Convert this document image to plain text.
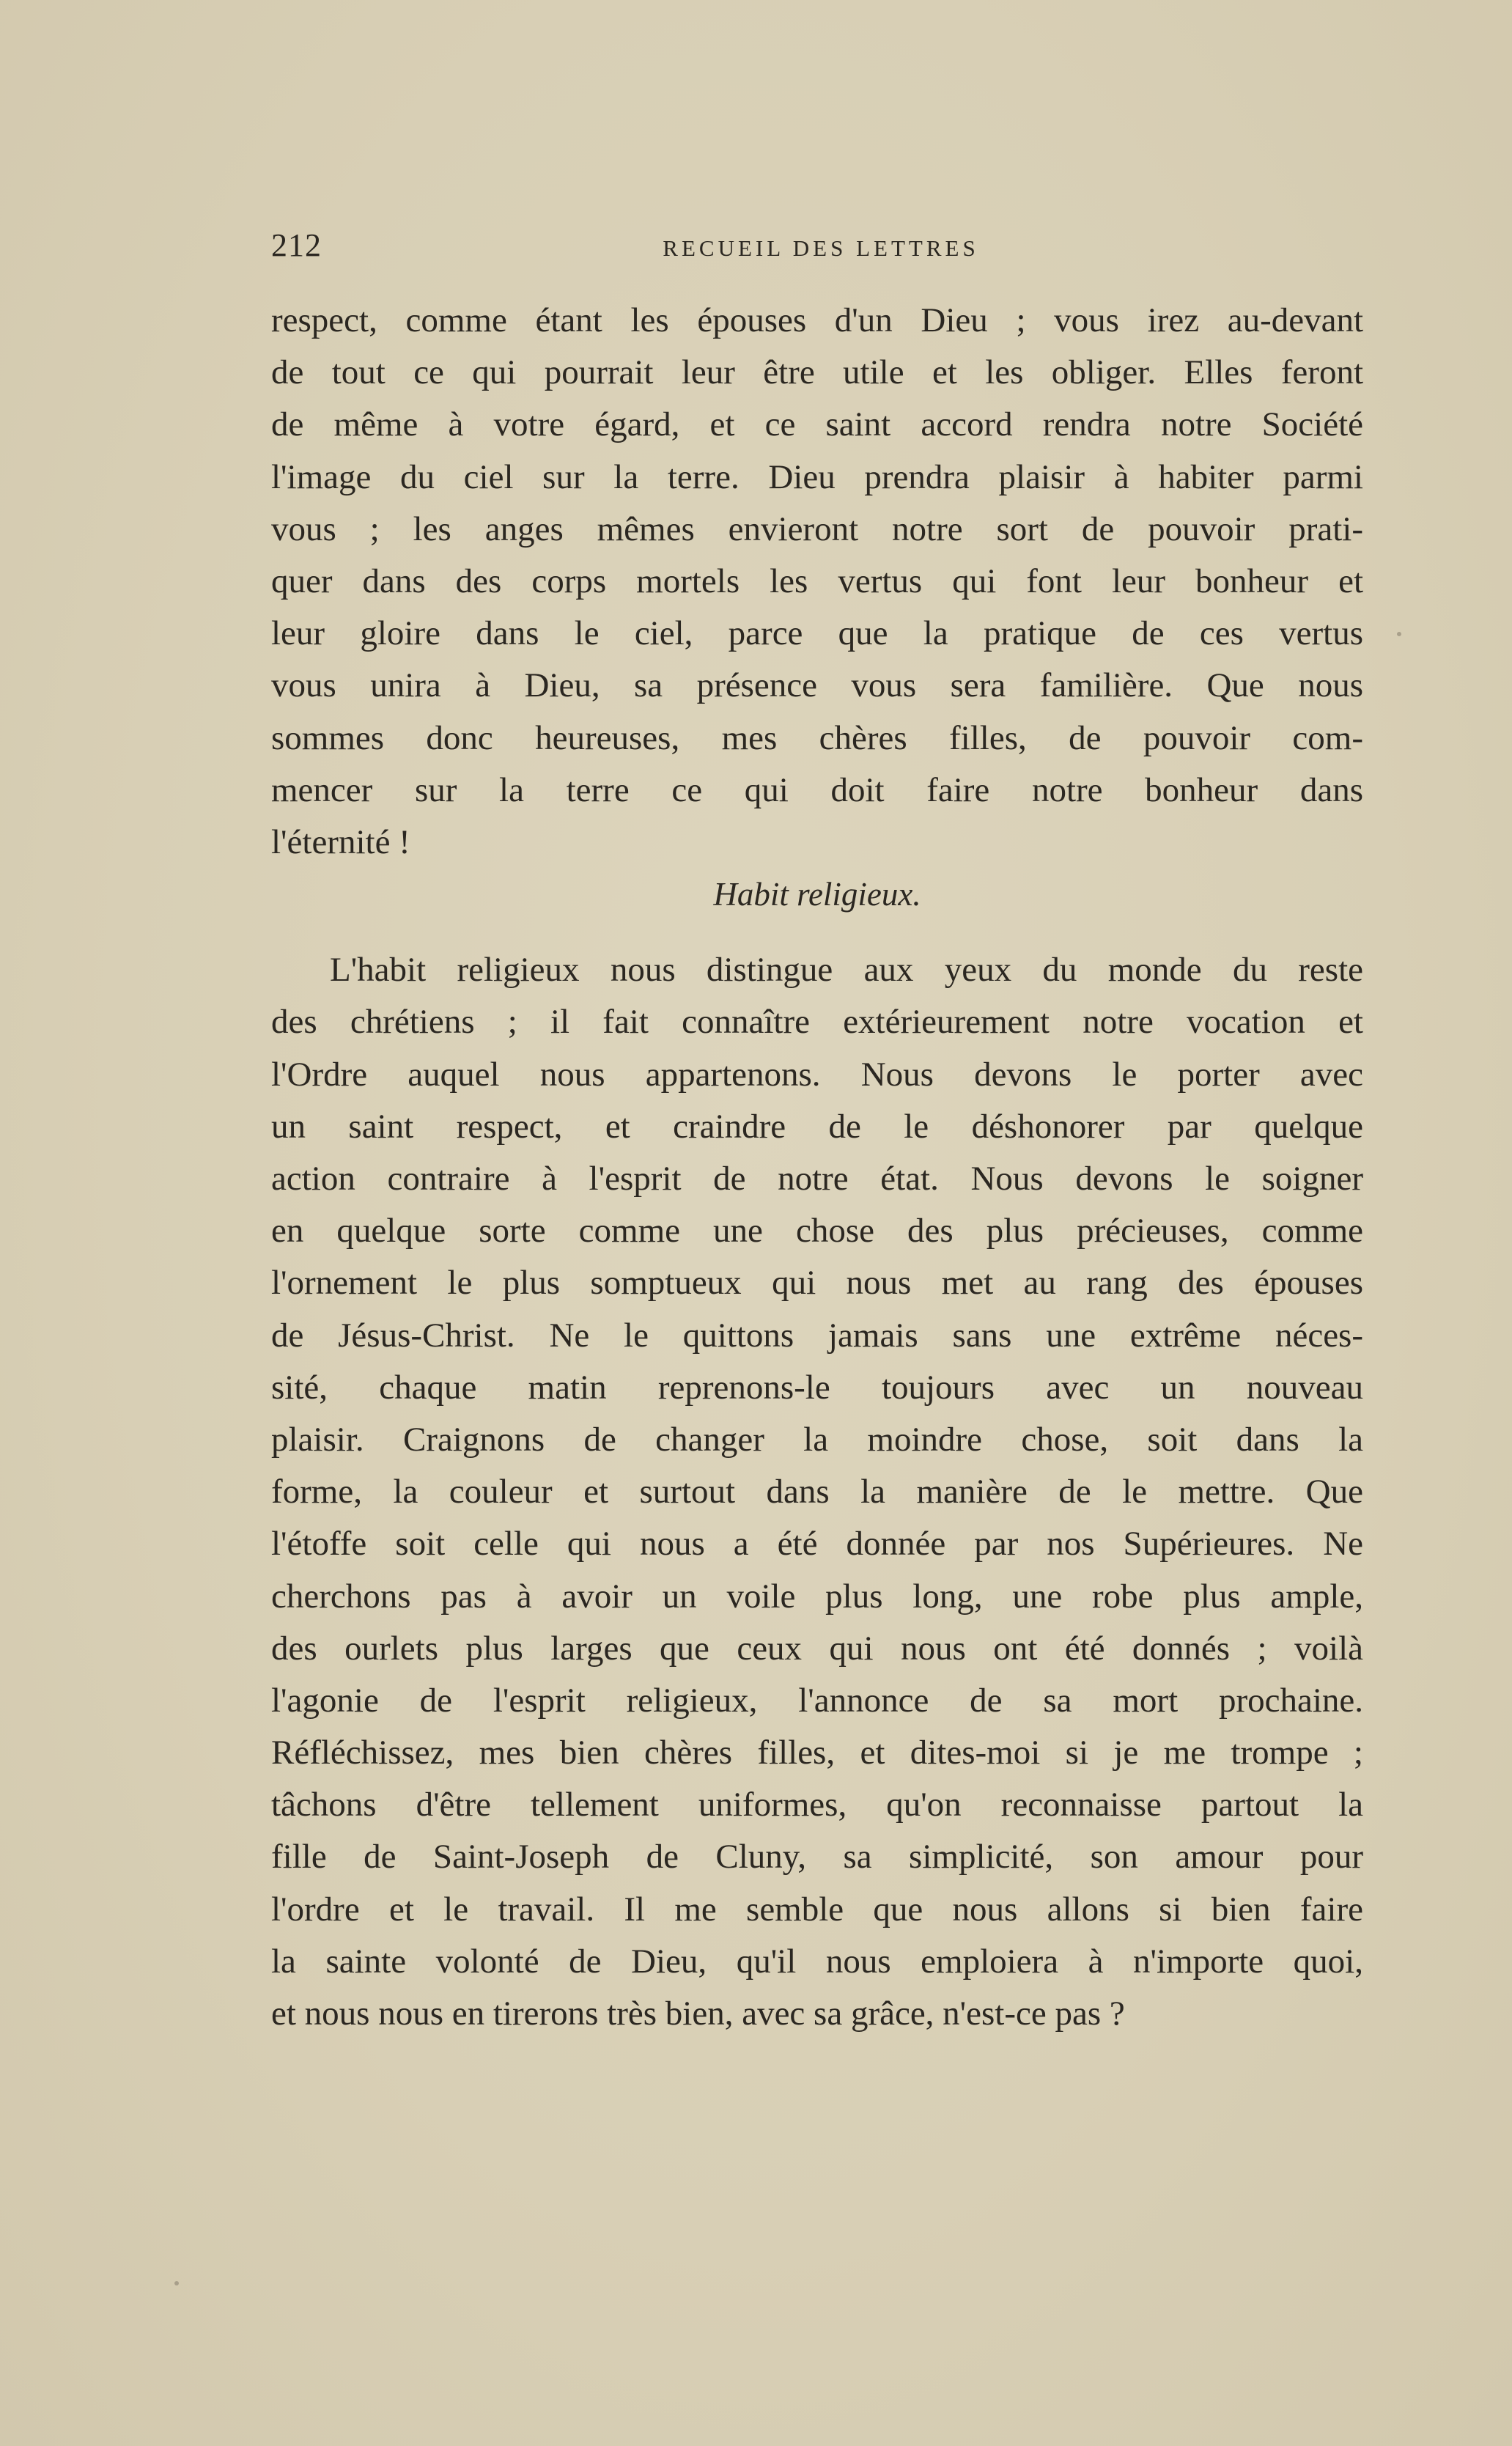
212	RECUEIL DES LETTRES
respect, comme étant les épouses d'un Dieu ; vous irez au-devant
de tout ce qui pourrait leur être utile et les obliger. Elles feront
de même à votre égard, et ce saint accord rendra notre Société
l'image du ciel sur la terre. Dieu prendra plaisir à habiter parmi
vous ; les anges mêmes envieront notre sort de pouvoir prati-
quer dans des corps mortels les vertus qui font leur bonheur et
leur gloire dans le ciel, parce que la pratique de ces vertus
vous unira à Dieu, sa présence vous sera familière. Que nous
sommes donc heureuses, mes chères filles, de pouvoir com-
mencer sur la terre ce qui doit faire notre bonheur dans
l'éternité !
Habit religieux.
L'habit religieux nous distingue aux yeux du monde du reste
des chrétiens ; il fait connaître extérieurement notre vocation et
l'Ordre auquel nous appartenons. Nous devons le porter avec
un saint respect, et craindre de le déshonorer par quelque
action contraire à l'esprit de notre état. Nous devons le soigner
en quelque sorte comme une chose des plus précieuses, comme
l'ornement le plus somptueux qui nous met au rang des épouses
de Jésus-Christ. Ne le quittons jamais sans une extrême néces-
sité, chaque matin reprenons-le toujours avec un nouveau
plaisir. Craignons de changer la moindre chose, soit dans la
forme, la couleur et surtout dans la manière de le mettre. Que
l'étoffe soit celle qui nous a été donnée par nos Supérieures. Ne
cherchons pas à avoir un voile plus long, une robe plus ample,
des ourlets plus larges que ceux qui nous ont été donnés ; voilà
l'agonie de l'esprit religieux, l'annonce de sa mort prochaine.
Réfléchissez, mes bien chères filles, et dites-moi si je me trompe ;
tâchons d'être tellement uniformes, qu'on reconnaisse partout la
fille de Saint-Joseph de Cluny, sa simplicité, son amour pour
l'ordre et le travail. Il me semble que nous allons si bien faire
la sainte volonté de Dieu, qu'il nous emploiera à n'importe quoi,
et nous nous en tirerons très bien, avec sa grâce, n'est-ce pas ?
